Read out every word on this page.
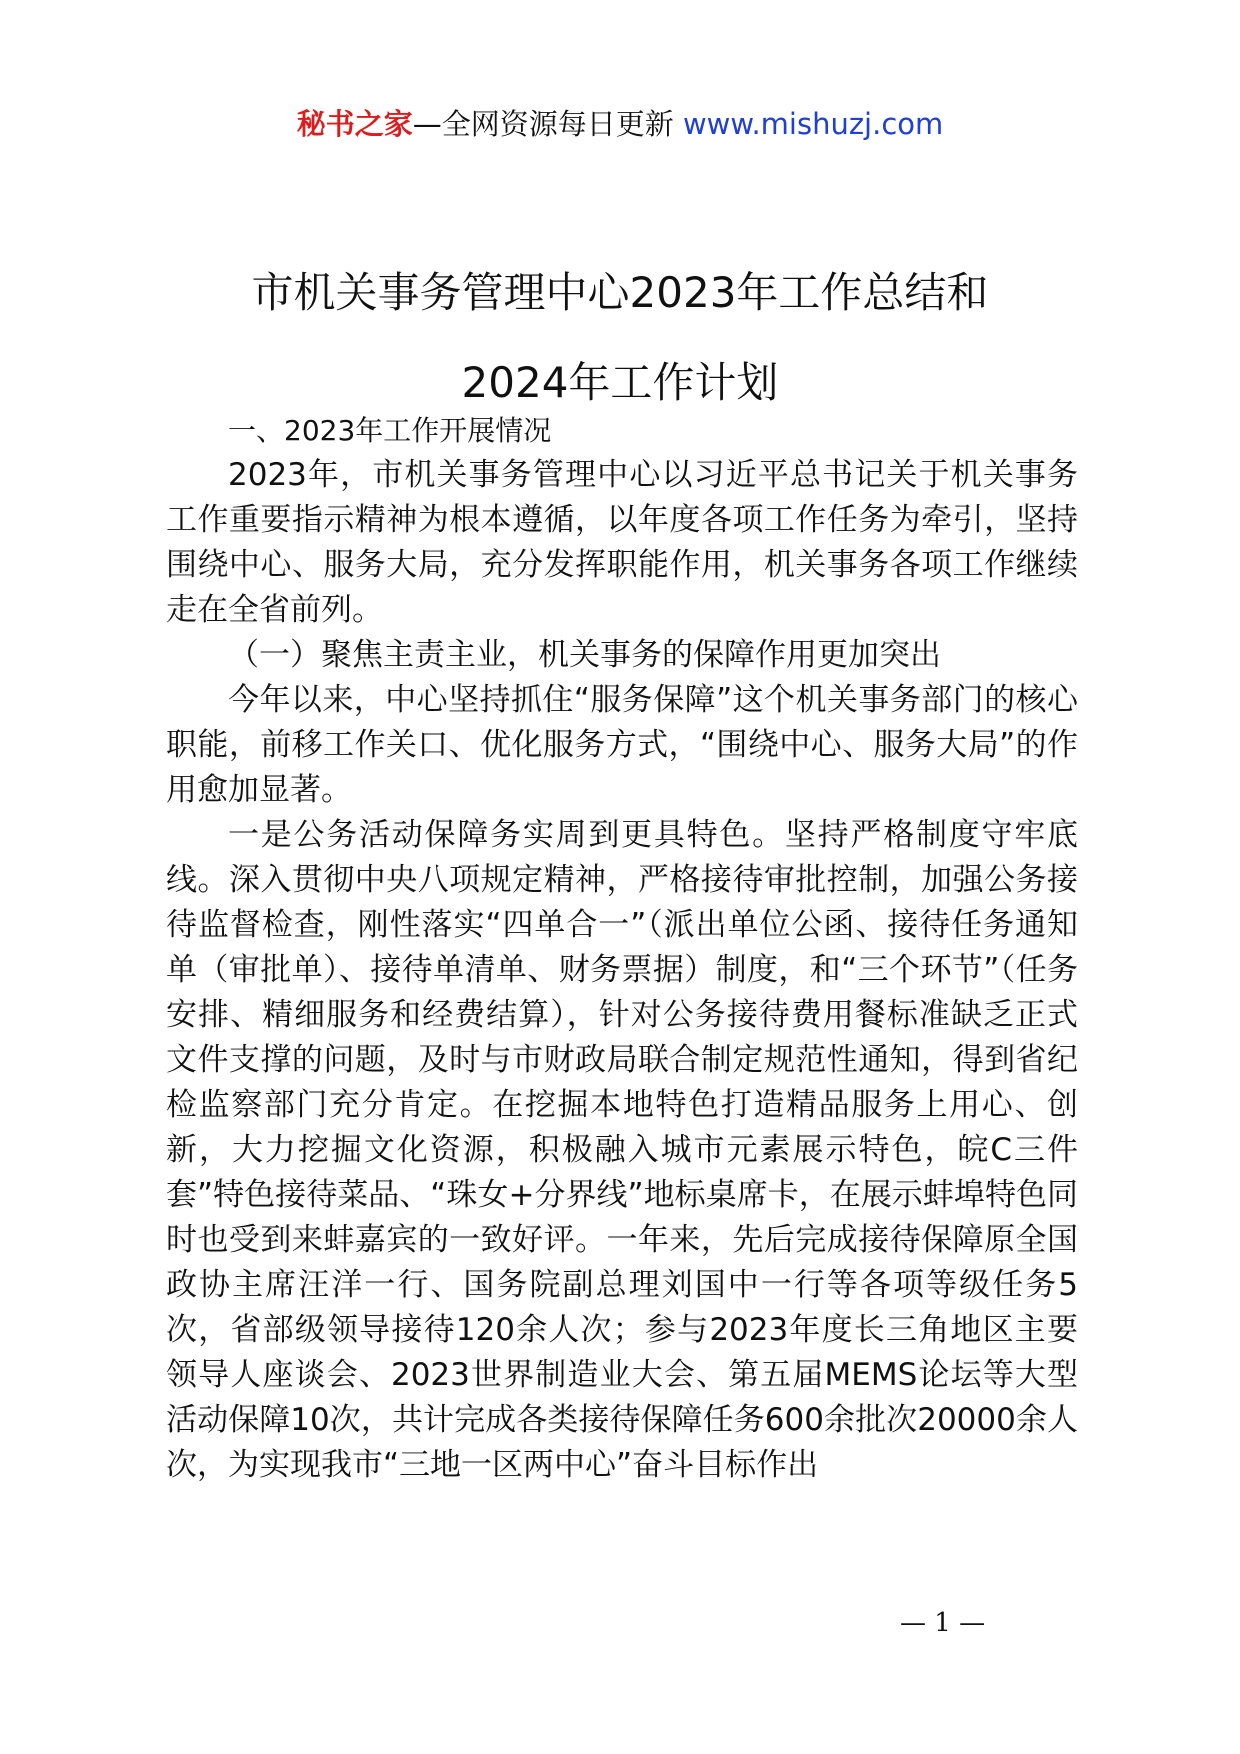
秘书之家—全网资源每日更新 www.mishuzj.com
市机关事务管理中心2023年工作总结和
2024年工作计划

一、2023年工作开展情况

2023年，市机关事务管理中心以习近平总书记关于机关事务工作重要指示精神为根本遵循，以年度各项工作任务为牵引，坚持围绕中心、服务大局，充分发挥职能作用，机关事务各项工作继续走在全省前列。

（一）聚焦主责主业，机关事务的保障作用更加突出

今年以来，中心坚持抓住“服务保障”这个机关事务部门的核心职能，前移工作关口、优化服务方式，“围绕中心、服务大局”的作用愈加显著。

一是公务活动保障务实周到更具特色。坚持严格制度守牢底线。深入贯彻中央八项规定精神，严格接待审批控制，加强公务接待监督检查，刚性落实“四单合一”（派出单位公函、接待任务通知单（审批单）、接待单清单、财务票据）制度，和“三个环节”（任务安排、精细服务和经费结算），针对公务接待费用餐标准缺乏正式文件支撑的问题，及时与市财政局联合制定规范性通知，得到省纪检监察部门充分肯定。在挖掘本地特色打造精品服务上用心、创新，大力挖掘文化资源，积极融入城市元素展示特色，皖C三件套”特色接待菜品、“珠女+分界线”地标桌席卡，在展示蚌埠特色同时也受到来蚌嘉宾的一致好评。一年来，先后完成接待保障原全国政协主席汪洋一行、国务院副总理刘国中一行等各项等级任务5次，省部级领导接待120余人次；参与2023年度长三角地区主要领导人座谈会、2023世界制造业大会、第五届MEMS论坛等大型活动保障10次，共计完成各类接待保障任务600余批次20000余人次，为实现我市“三地一区两中心”奋斗目标作出

— 1 —
